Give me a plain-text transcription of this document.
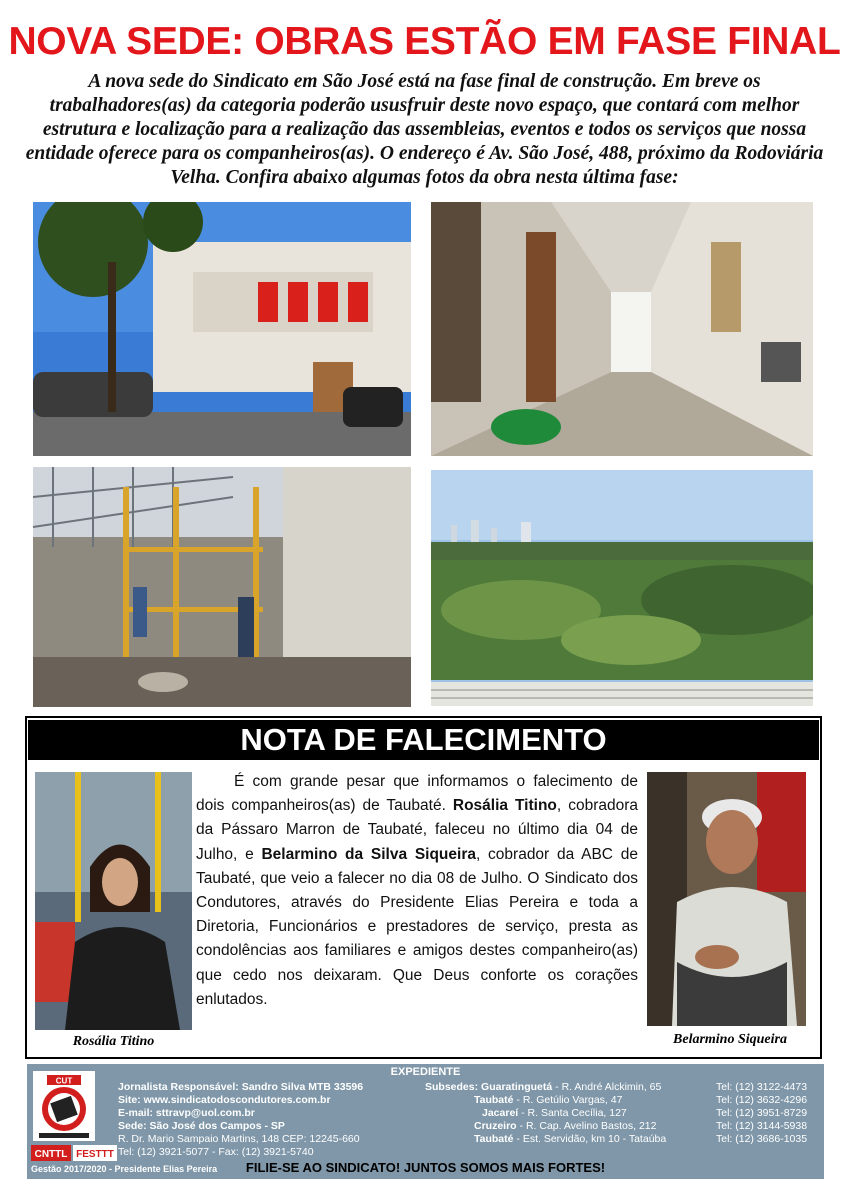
NOVA SEDE: OBRAS ESTÃO EM FASE FINAL
A nova sede do Sindicato em São José está na fase final de construção. Em breve os trabalhadores(as) da categoria poderão ususfruir deste novo espaço, que contará com melhor estrutura e localização para a realização das assembleias, eventos e todos os serviços que nossa entidade oferece para os companheiros(as). O endereço é Av. São José, 488, próximo da Rodoviária Velha. Confira abaixo algumas fotos da obra nesta última fase:
NOTA DE FALECIMENTO
Rosália Titino
É com grande pesar que informamos o falecimento de dois companheiros(as) de Taubaté. Rosália Titino, cobradora da Pássaro Marron de Taubaté, faleceu no último dia 04 de Julho, e Belarmino da Silva Siqueira, cobrador da ABC de Taubaté, que veio a falecer no dia 08 de Julho. O Sindicato dos Condutores, através do Presidente Elias Pereira e toda a Diretoria, Funcionários e prestadores de serviço, presta as condolências aos familiares e amigos destes companheiro(as) que cedo nos deixaram. Que Deus conforte os corações enlutados.
Belarmino Siqueira
EXPEDIENTE
CUT
CNTTL FESTTT
Gestão 2017/2020 - Presidente Elias Pereira
Jornalista Responsável: Sandro Silva MTB 33596
Site: www.sindicatodoscondutores.com.br
E-mail: sttravp@uol.com.br
Sede: São José dos Campos - SP
R. Dr. Mario Sampaio Martins, 148 CEP: 12245-660
Tel: (12) 3921-5077 - Fax: (12) 3921-5740
Subsedes: Guaratinguetá - R. André Alckimin, 65
Taubaté - R. Getúlio Vargas, 47
Jacareí - R. Santa Cecília, 127
Cruzeiro - R. Cap. Avelino Bastos, 212
Taubaté - Est. Servidão, km 10 - Tataúba
Tel: (12) 3122-4473
Tel: (12) 3632-4296
Tel: (12) 3951-8729
Tel: (12) 3144-5938
Tel: (12) 3686-1035
FILIE-SE AO SINDICATO! JUNTOS SOMOS MAIS FORTES!
